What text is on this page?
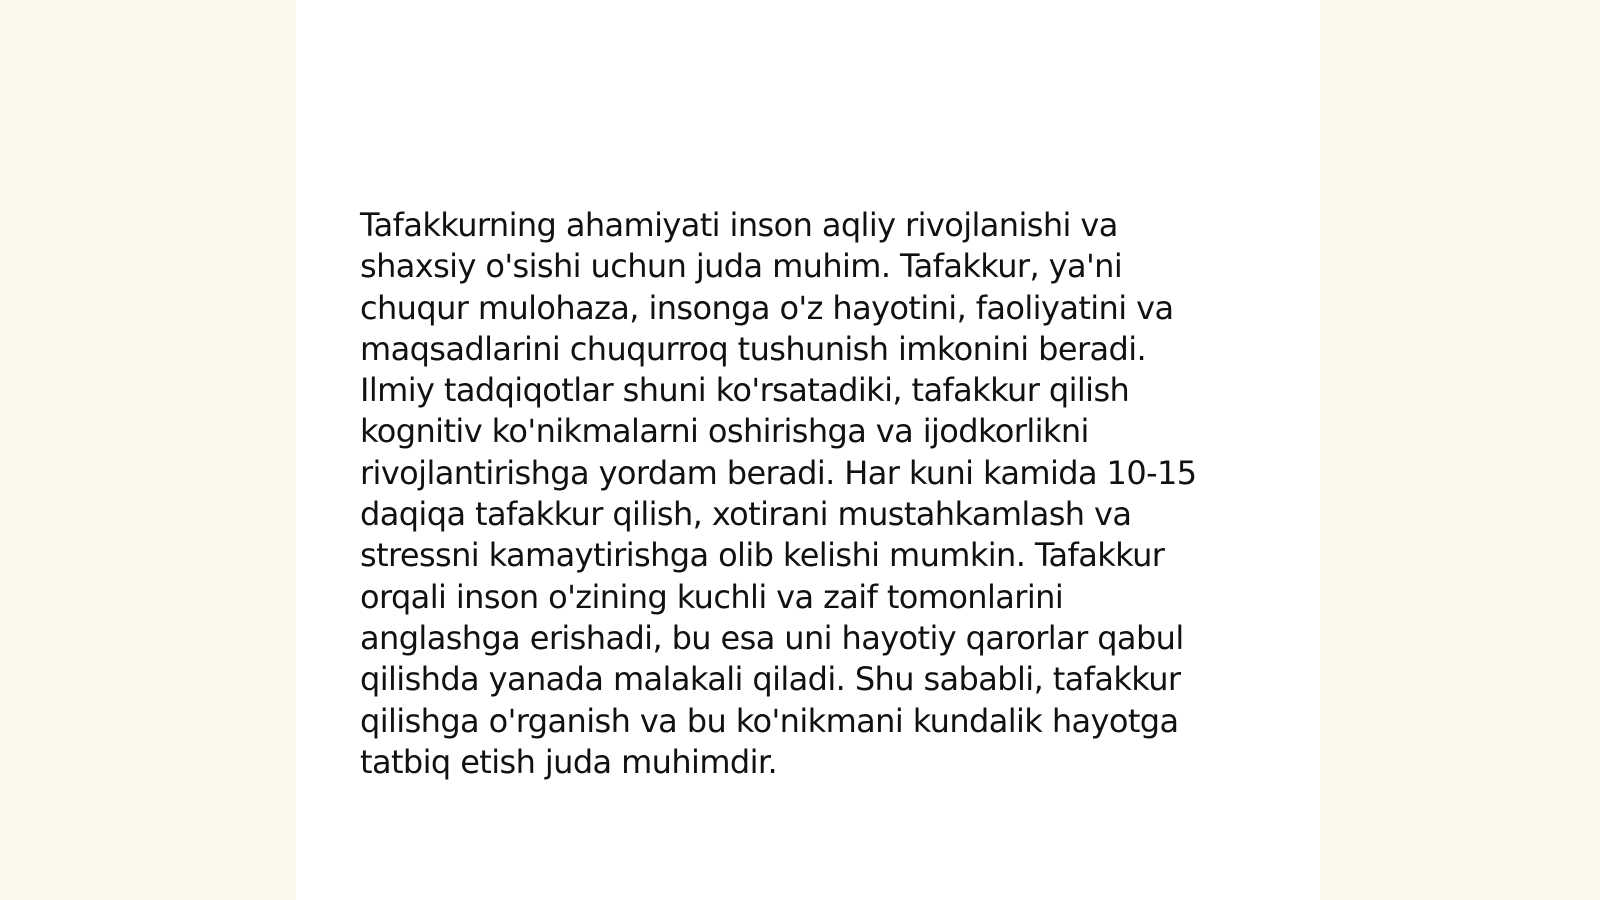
Tafakkurning ahamiyati inson aqliy rivojlanishi va
shaxsiy o'sishi uchun juda muhim. Tafakkur, ya'ni
chuqur mulohaza, insonga o'z hayotini, faoliyatini va
maqsadlarini chuqurroq tushunish imkonini beradi.
Ilmiy tadqiqotlar shuni ko'rsatadiki, tafakkur qilish
kognitiv ko'nikmalarni oshirishga va ijodkorlikni
rivojlantirishga yordam beradi. Har kuni kamida 10-15
daqiqa tafakkur qilish, xotirani mustahkamlash va
stressni kamaytirishga olib kelishi mumkin. Tafakkur
orqali inson o'zining kuchli va zaif tomonlarini
anglashga erishadi, bu esa uni hayotiy qarorlar qabul
qilishda yanada malakali qiladi. Shu sababli, tafakkur
qilishga o'rganish va bu ko'nikmani kundalik hayotga
tatbiq etish juda muhimdir.
